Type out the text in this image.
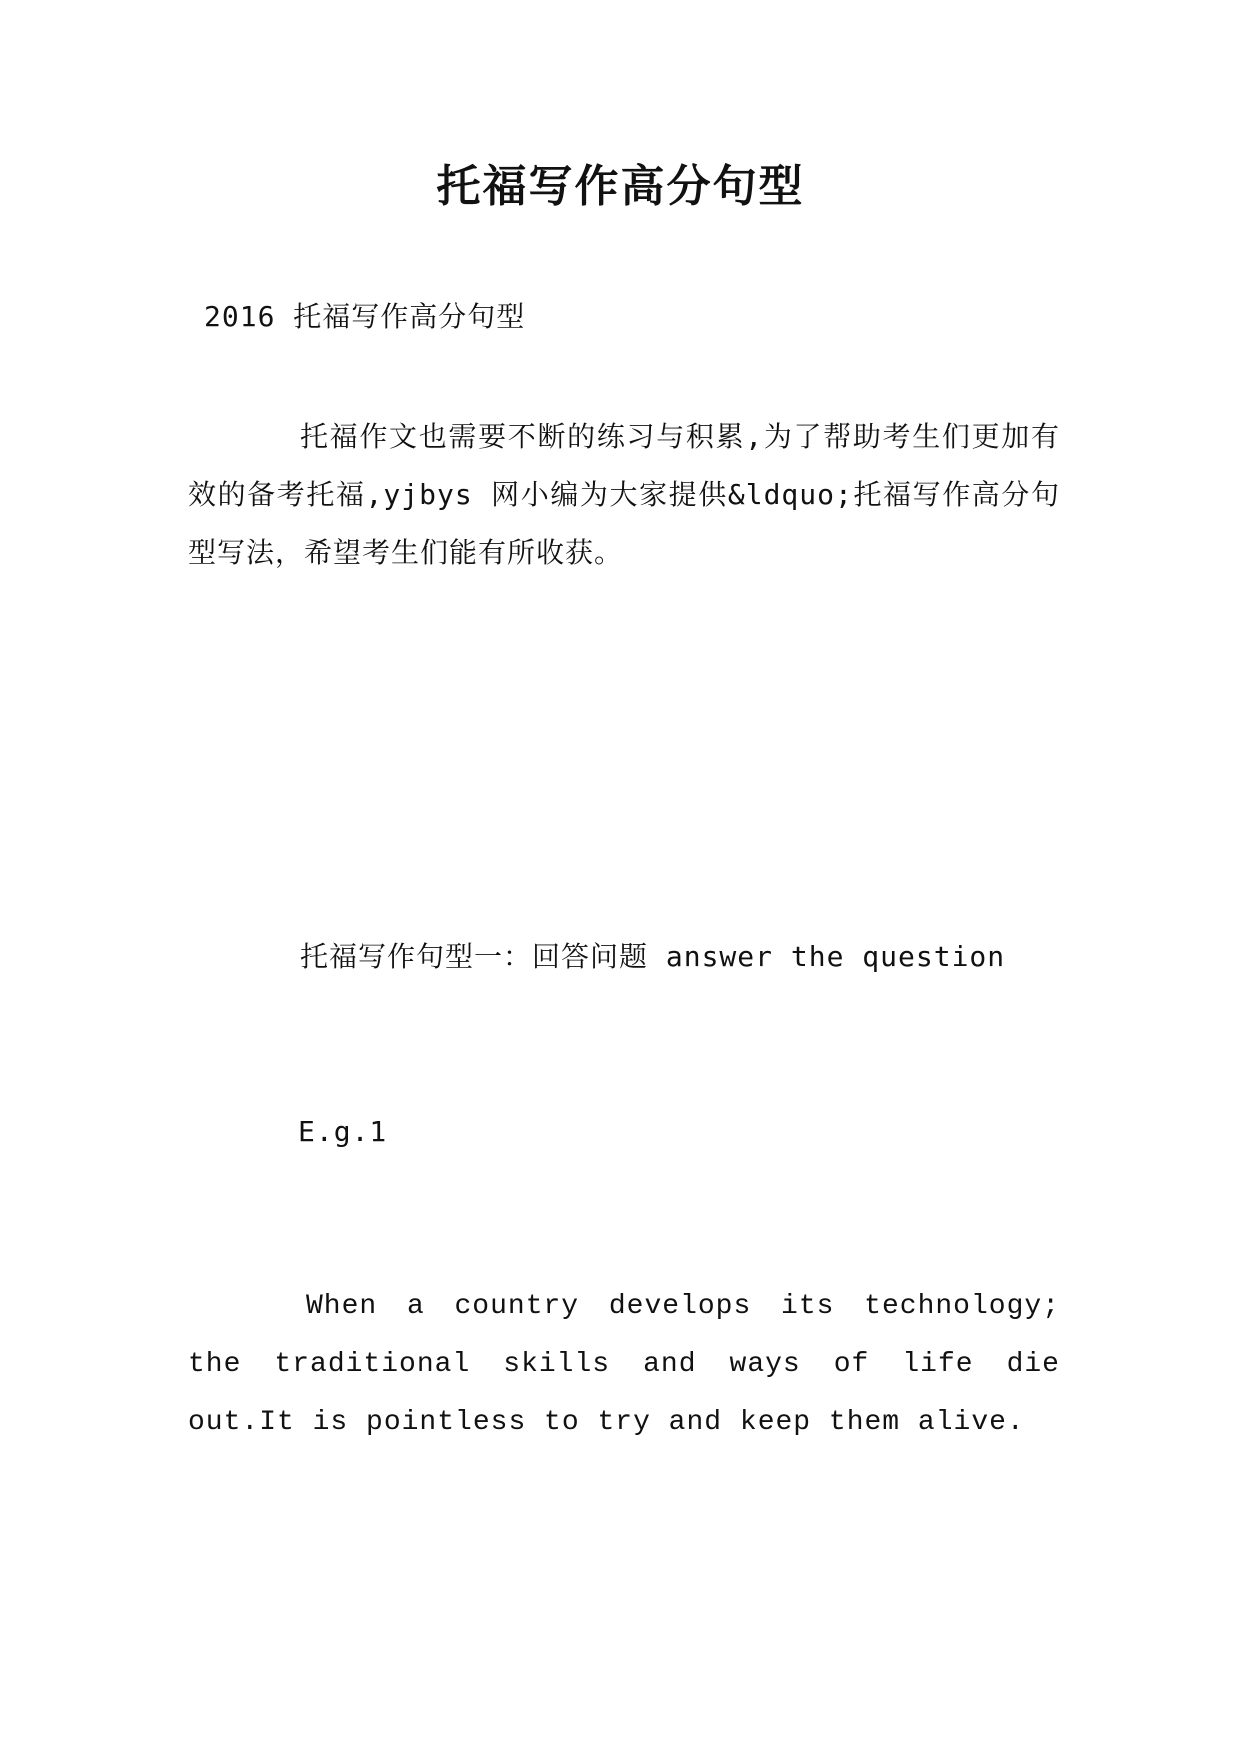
托福写作高分句型

2016 托福写作高分句型

托福作文也需要不断的练习与积累,为了帮助考生们更加有效的备考托福,yjbys 网小编为大家提供&ldquo;托福写作高分句型写法，希望考生们能有所收获。

托福写作句型一：回答问题 answer the question

E.g.1

When a country develops its technology; the traditional skills and ways of life die out.It is pointless to try and keep them alive.
